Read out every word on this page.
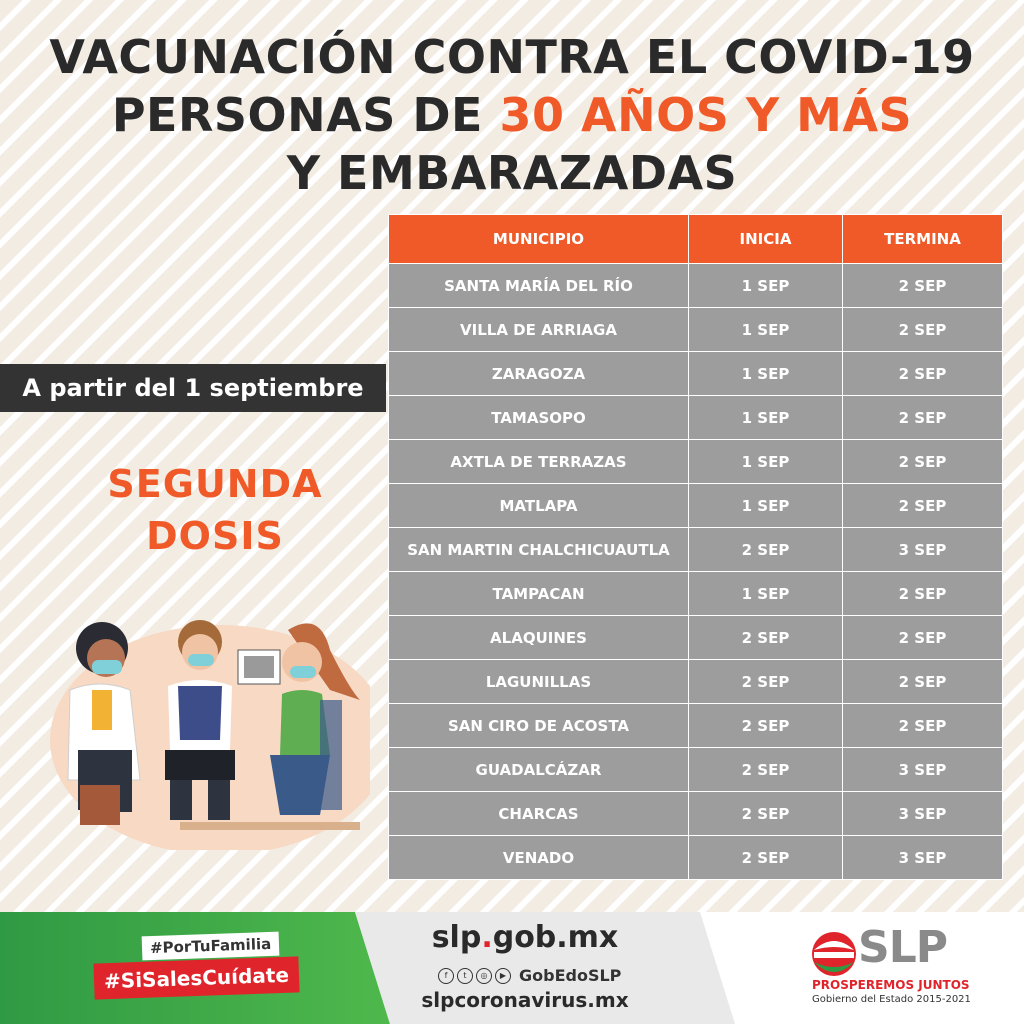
VACUNACIÓN CONTRA EL COVID-19
PERSONAS DE 30 AÑOS Y MÁS
Y EMBARAZADAS
MUNICIPIO	INICIA	TERMINA
SANTA MARÍA DEL RÍO	1 SEP	2 SEP
VILLA DE ARRIAGA	1 SEP	2 SEP
ZARAGOZA	1 SEP	2 SEP
TAMASOPO	1 SEP	2 SEP
AXTLA DE TERRAZAS	1 SEP	2 SEP
MATLAPA	1 SEP	2 SEP
SAN MARTIN CHALCHICUAUTLA	2 SEP	3 SEP
TAMPACAN	1 SEP	2 SEP
ALAQUINES	2 SEP	2 SEP
LAGUNILLAS	2 SEP	2 SEP
SAN CIRO DE ACOSTA	2 SEP	2 SEP
GUADALCÁZAR	2 SEP	3 SEP
CHARCAS	2 SEP	3 SEP
VENADO	2 SEP	3 SEP
A partir del 1 septiembre
SEGUNDA
DOSIS
#PorTuFamilia
#SiSalesCuídate
slp.gob.mx
f	t	◎	▶ GobEdoSLP
slpcoronavirus.mx
SLP
PROSPEREMOS JUNTOS
Gobierno del Estado 2015-2021
